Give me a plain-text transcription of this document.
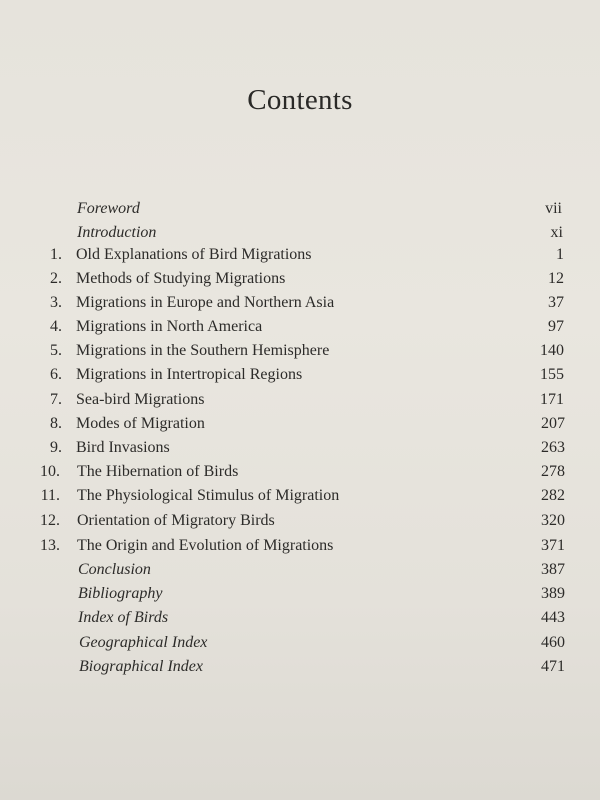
Contents
Foreword	vii
Introduction	xi
1. Old Explanations of Bird Migrations	1
2. Methods of Studying Migrations	12
3. Migrations in Europe and Northern Asia	37
4. Migrations in North America	97
5. Migrations in the Southern Hemisphere	140
6. Migrations in Intertropical Regions	155
7. Sea-bird Migrations	171
8. Modes of Migration	207
9. Bird Invasions	263
10. The Hibernation of Birds	278
11. The Physiological Stimulus of Migration	282
12. Orientation of Migratory Birds	320
13. The Origin and Evolution of Migrations	371
Conclusion	387
Bibliography	389
Index of Birds	443
Geographical Index	460
Biographical Index	471
